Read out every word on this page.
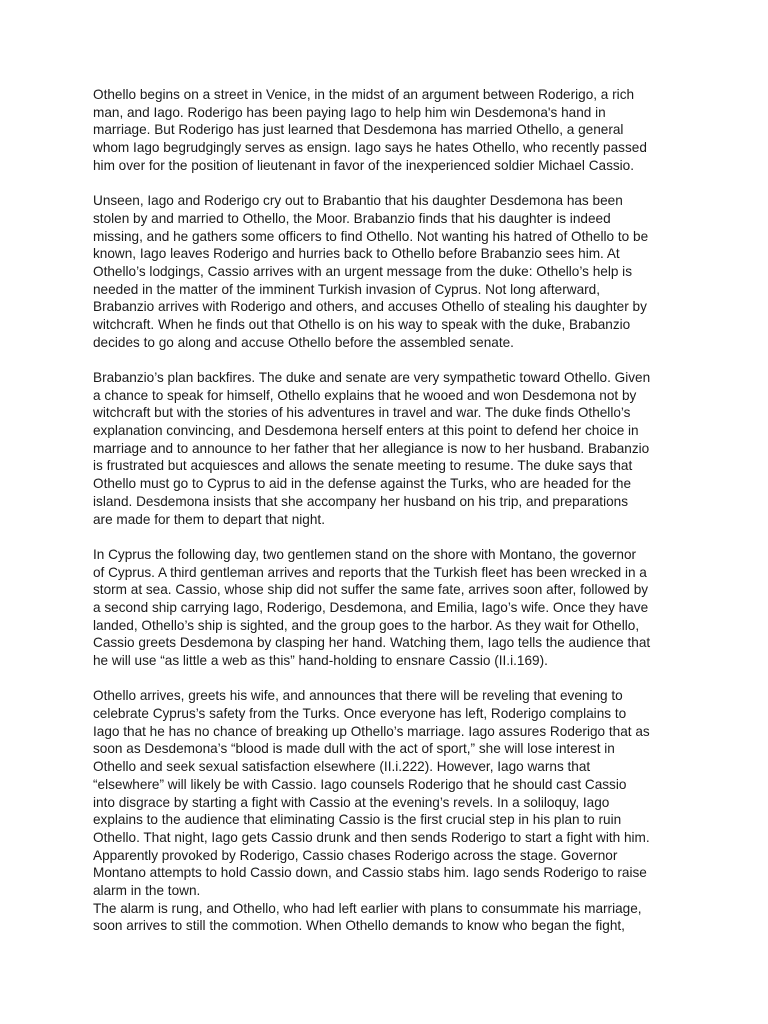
Othello begins on a street in Venice, in the midst of an argument between Roderigo, a rich
man, and Iago. Roderigo has been paying Iago to help him win Desdemona's hand in
marriage. But Roderigo has just learned that Desdemona has married Othello, a general
whom Iago begrudgingly serves as ensign. Iago says he hates Othello, who recently passed
him over for the position of lieutenant in favor of the inexperienced soldier Michael Cassio.
Unseen, Iago and Roderigo cry out to Brabantio that his daughter Desdemona has been
stolen by and married to Othello, the Moor. Brabanzio finds that his daughter is indeed
missing, and he gathers some officers to find Othello. Not wanting his hatred of Othello to be
known, Iago leaves Roderigo and hurries back to Othello before Brabanzio sees him. At
Othello’s lodgings, Cassio arrives with an urgent message from the duke: Othello’s help is
needed in the matter of the imminent Turkish invasion of Cyprus. Not long afterward,
Brabanzio arrives with Roderigo and others, and accuses Othello of stealing his daughter by
witchcraft. When he finds out that Othello is on his way to speak with the duke, Brabanzio
decides to go along and accuse Othello before the assembled senate.
Brabanzio’s plan backfires. The duke and senate are very sympathetic toward Othello. Given
a chance to speak for himself, Othello explains that he wooed and won Desdemona not by
witchcraft but with the stories of his adventures in travel and war. The duke finds Othello’s
explanation convincing, and Desdemona herself enters at this point to defend her choice in
marriage and to announce to her father that her allegiance is now to her husband. Brabanzio
is frustrated but acquiesces and allows the senate meeting to resume. The duke says that
Othello must go to Cyprus to aid in the defense against the Turks, who are headed for the
island. Desdemona insists that she accompany her husband on his trip, and preparations
are made for them to depart that night.
In Cyprus the following day, two gentlemen stand on the shore with Montano, the governor
of Cyprus. A third gentleman arrives and reports that the Turkish fleet has been wrecked in a
storm at sea. Cassio, whose ship did not suffer the same fate, arrives soon after, followed by
a second ship carrying Iago, Roderigo, Desdemona, and Emilia, Iago’s wife. Once they have
landed, Othello’s ship is sighted, and the group goes to the harbor. As they wait for Othello,
Cassio greets Desdemona by clasping her hand. Watching them, Iago tells the audience that
he will use “as little a web as this” hand-holding to ensnare Cassio (II.i.169).
Othello arrives, greets his wife, and announces that there will be reveling that evening to
celebrate Cyprus’s safety from the Turks. Once everyone has left, Roderigo complains to
Iago that he has no chance of breaking up Othello’s marriage. Iago assures Roderigo that as
soon as Desdemona’s “blood is made dull with the act of sport,” she will lose interest in
Othello and seek sexual satisfaction elsewhere (II.i.222). However, Iago warns that
“elsewhere” will likely be with Cassio. Iago counsels Roderigo that he should cast Cassio
into disgrace by starting a fight with Cassio at the evening’s revels. In a soliloquy, Iago
explains to the audience that eliminating Cassio is the first crucial step in his plan to ruin
Othello. That night, Iago gets Cassio drunk and then sends Roderigo to start a fight with him.
Apparently provoked by Roderigo, Cassio chases Roderigo across the stage. Governor
Montano attempts to hold Cassio down, and Cassio stabs him. Iago sends Roderigo to raise
alarm in the town.
The alarm is rung, and Othello, who had left earlier with plans to consummate his marriage,
soon arrives to still the commotion. When Othello demands to know who began the fight,
